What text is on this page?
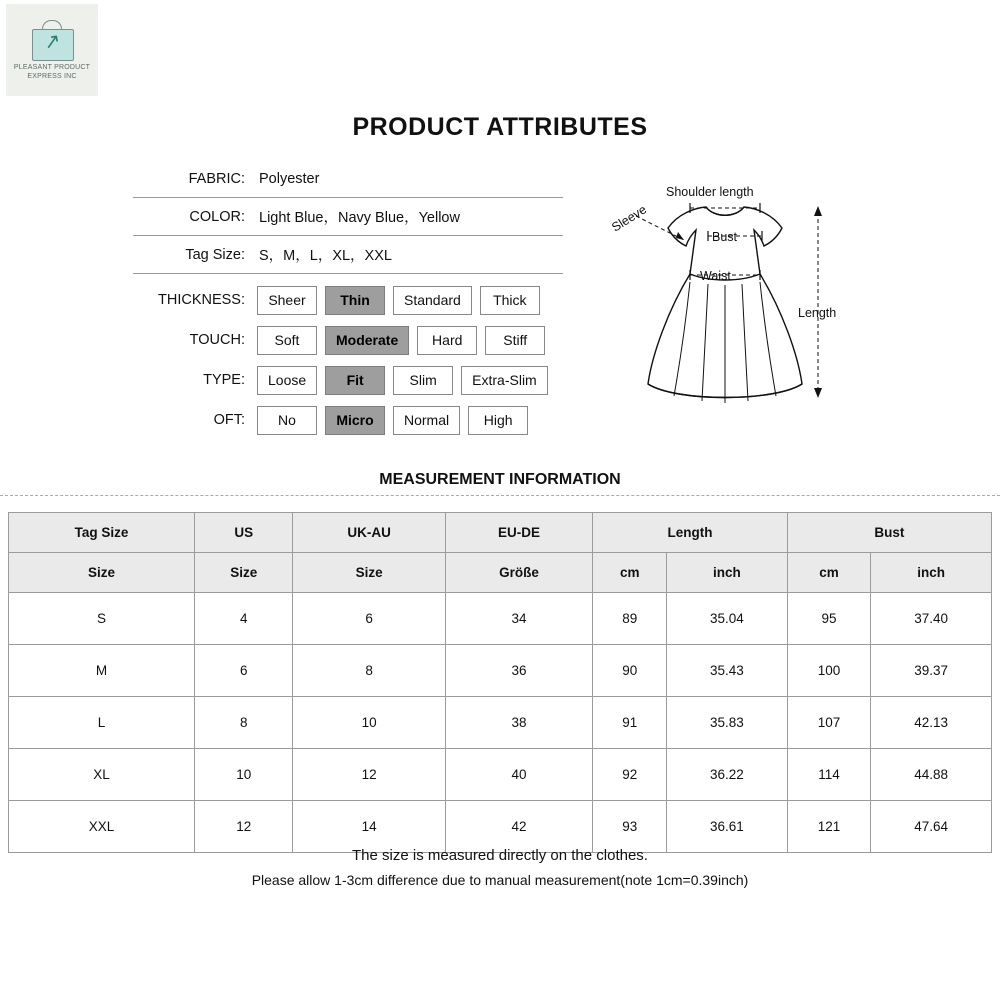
↗
PLEASANT PRODUCT
EXPRESS INC
PRODUCT ATTRIBUTES
FABRIC: Polyester
COLOR: Light Blue，Navy Blue，Yellow
Tag Size: S，M，L，XL，XXL
THICKNESS:	Sheer	Thin	Standard	Thick
TOUCH:	Soft	Moderate	Hard	Stiff
TYPE:	Loose	Fit	Slim	Extra-Slim
OFT:	No	Micro	Normal	High
Shoulder length
Sleeve
Bust
Waist
Length
MEASUREMENT INFORMATION
Tag Size	US	UK-AU	EU-DE	Length		Bust	
Size	Size	Size	Größe	cm	inch	cm	inch
S	4	6	34	89	35.04	95	37.40
M	6	8	36	90	35.43	100	39.37
L	8	10	38	91	35.83	107	42.13
XL	10	12	40	92	36.22	114	44.88
XXL	12	14	42	93	36.61	121	47.64
The size is measured directly on the clothes.
Please allow 1-3cm difference due to manual measurement(note 1cm=0.39inch)
